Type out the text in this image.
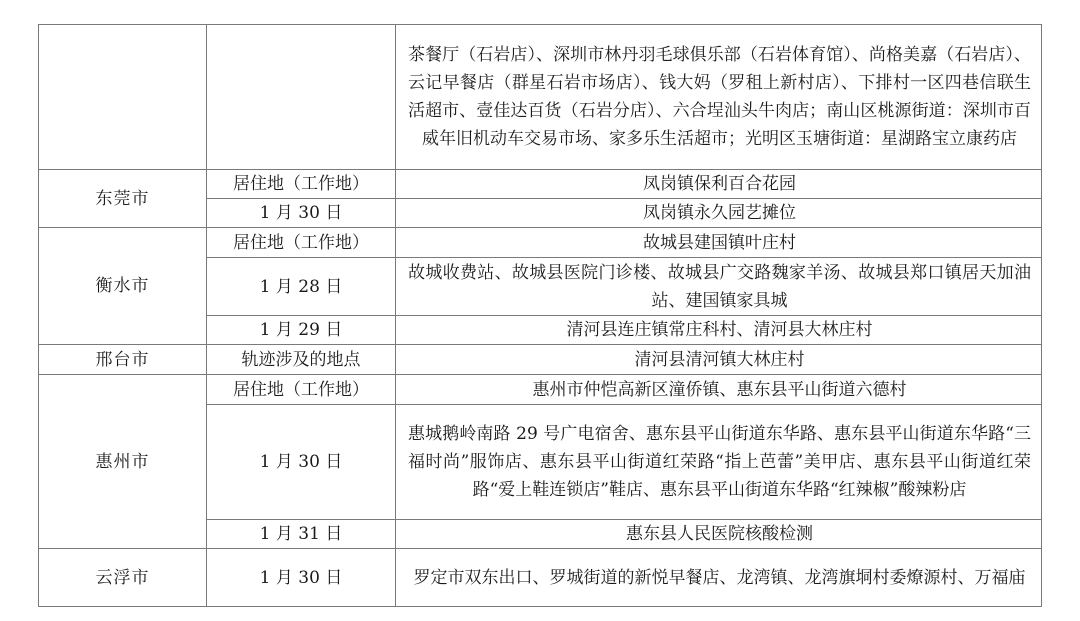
		茶餐厅（石岩店）、深圳市林丹羽毛球俱乐部（石岩体育馆）、尚格美嘉（石岩店）、云记早餐店（群星石岩市场店）、钱大妈（罗租上新村店）、下排村一区四巷信联生活超市、壹佳达百货（石岩分店）、六合埕汕头牛肉店；南山区桃源街道：深圳市百威年旧机动车交易市场、家多乐生活超市；光明区玉塘街道：星湖路宝立康药店
东莞市	居住地（工作地）	凤岗镇保利百合花园
	1 月 30 日	凤岗镇永久园艺摊位
衡水市	居住地（工作地）	故城县建国镇叶庄村
	1 月 28 日	故城收费站、故城县医院门诊楼、故城县广交路魏家羊汤、故城县郑口镇居天加油站、建国镇家具城
	1 月 29 日	清河县连庄镇常庄科村、清河县大林庄村
邢台市	轨迹涉及的地点	清河县清河镇大林庄村
惠州市	居住地（工作地）	惠州市仲恺高新区潼侨镇、惠东县平山街道六德村
	1 月 30 日	惠城鹅岭南路 29 号广电宿舍、惠东县平山街道东华路、惠东县平山街道东华路“三福时尚”服饰店、惠东县平山街道红荣路“指上芭蕾”美甲店、惠东县平山街道红荣路“爱上鞋连锁店”鞋店、惠东县平山街道东华路“红辣椒”酸辣粉店
	1 月 31 日	惠东县人民医院核酸检测
云浮市	1 月 30 日	罗定市双东出口、罗城街道的新悦早餐店、龙湾镇、龙湾旗垌村委燎源村、万福庙
